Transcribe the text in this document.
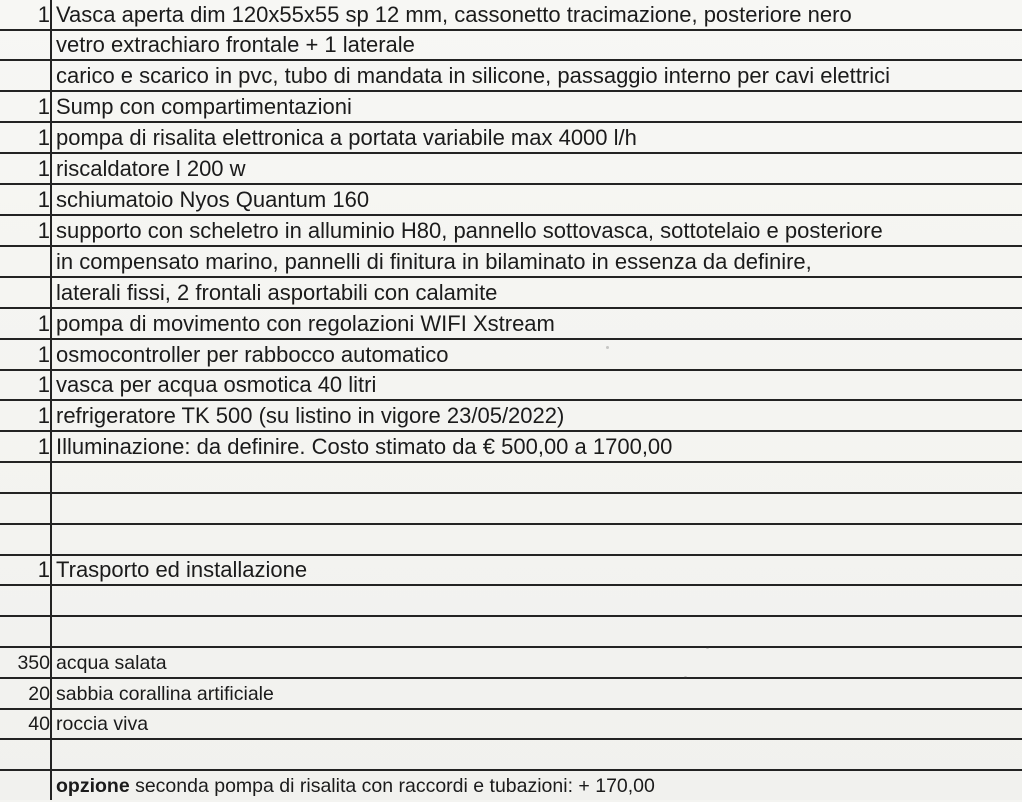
1 Vasca aperta dim 120x55x55 sp 12 mm, cassonetto tracimazione, posteriore nero
vetro extrachiaro frontale + 1 laterale
carico e scarico in pvc, tubo di mandata in silicone, passaggio interno per cavi elettrici
1 Sump con compartimentazioni
1 pompa di risalita elettronica a portata variabile max 4000 l/h
1 riscaldatore l 200 w
1 schiumatoio Nyos Quantum 160
1 supporto con scheletro in alluminio H80, pannello sottovasca, sottotelaio e posteriore
in compensato marino, pannelli di finitura in bilaminato in essenza da definire,
laterali fissi, 2 frontali asportabili con calamite
1 pompa di movimento con regolazioni WIFI Xstream
1 osmocontroller per rabbocco automatico
1 vasca per acqua osmotica 40 litri
1 refrigeratore TK 500 (su listino in vigore 23/05/2022)
1 Illuminazione: da definire. Costo stimato da € 500,00 a 1700,00
1 Trasporto ed installazione
350 acqua salata
20 sabbia corallina artificiale
40 roccia viva
opzione seconda pompa di risalita con raccordi e tubazioni: + 170,00
